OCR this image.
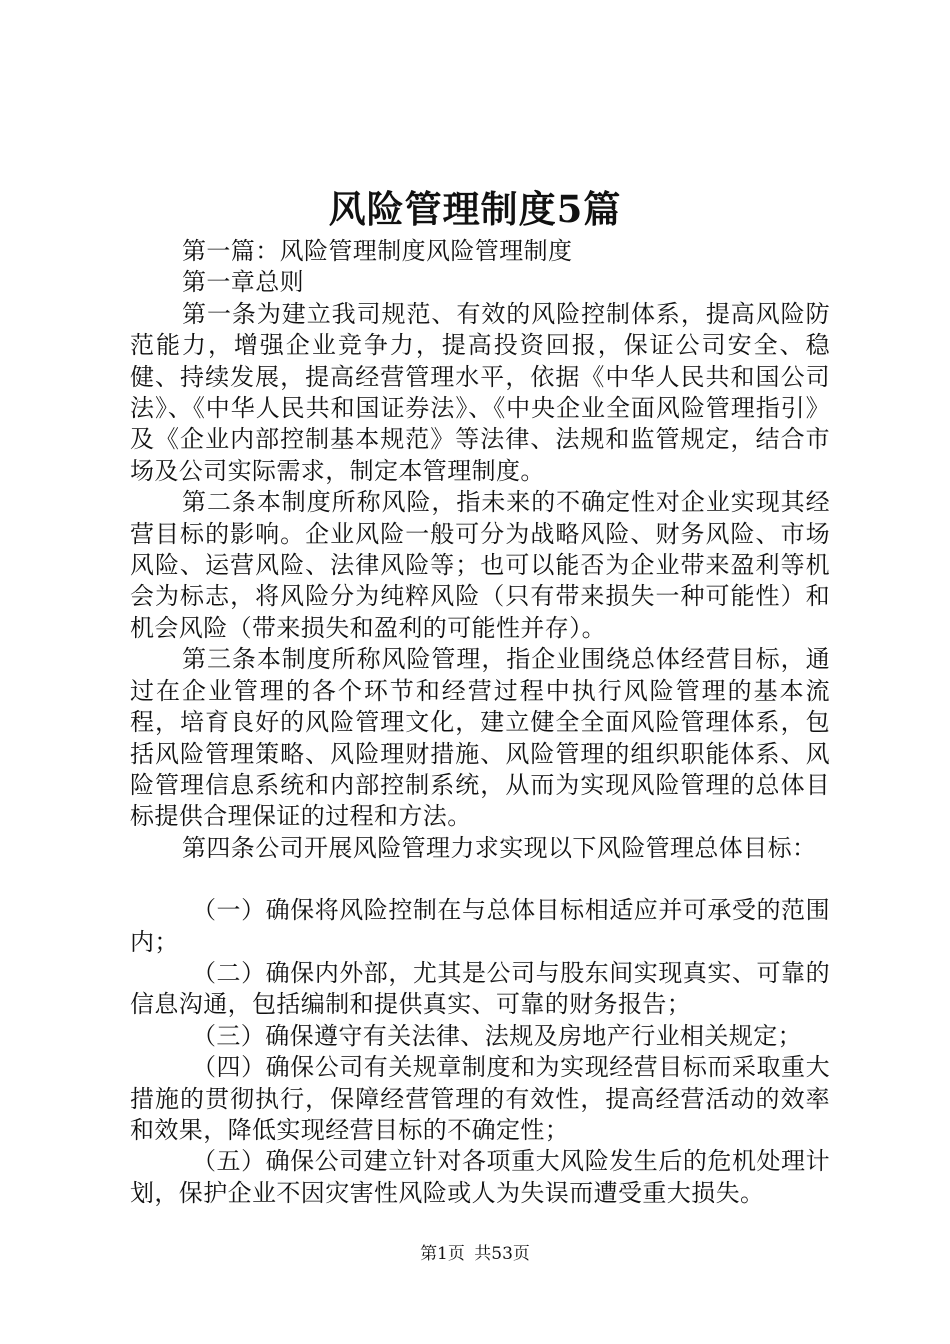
风险管理制度5篇

第一篇：风险管理制度风险管理制度

第一章总则

第一条为建立我司规范、有效的风险控制体系，提高风险防范能力，增强企业竞争力，提高投资回报，保证公司安全、稳健、持续发展，提高经营管理水平，依据《中华人民共和国公司法》、《中华人民共和国证券法》、《中央企业全面风险管理指引》及《企业内部控制基本规范》等法律、法规和监管规定，结合市场及公司实际需求，制定本管理制度。

第二条本制度所称风险，指未来的不确定性对企业实现其经营目标的影响。企业风险一般可分为战略风险、财务风险、市场风险、运营风险、法律风险等；也可以能否为企业带来盈利等机会为标志，将风险分为纯粹风险（只有带来损失一种可能性）和机会风险（带来损失和盈利的可能性并存）。

第三条本制度所称风险管理，指企业围绕总体经营目标，通过在企业管理的各个环节和经营过程中执行风险管理的基本流程，培育良好的风险管理文化，建立健全全面风险管理体系，包括风险管理策略、风险理财措施、风险管理的组织职能体系、风险管理信息系统和内部控制系统，从而为实现风险管理的总体目标提供合理保证的过程和方法。

第四条公司开展风险管理力求实现以下风险管理总体目标：

（一）确保将风险控制在与总体目标相适应并可承受的范围内；

（二）确保内外部，尤其是公司与股东间实现真实、可靠的信息沟通，包括编制和提供真实、可靠的财务报告；

（三）确保遵守有关法律、法规及房地产行业相关规定；

（四）确保公司有关规章制度和为实现经营目标而采取重大措施的贯彻执行，保障经营管理的有效性，提高经营活动的效率和效果，降低实现经营目标的不确定性；

（五）确保公司建立针对各项重大风险发生后的危机处理计划，保护企业不因灾害性风险或人为失误而遭受重大损失。

第1页 共53页
